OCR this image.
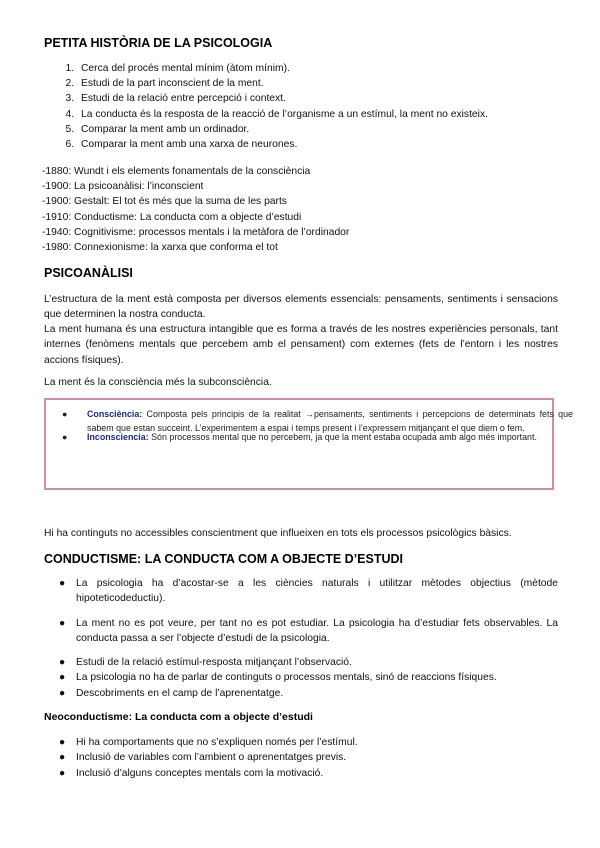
PETITA HISTÒRIA DE LA PSICOLOGIA
1. Cerca del procés mental mínim (àtom mínim).
2. Estudi de la part inconscient de la ment.
3. Estudi de la relació entre percepció i context.
4. La conducta és la resposta de la reacció de l’organisme a un estímul, la ment no existeix.
5. Comparar la ment amb un ordinador.
6. Comparar la ment amb una xarxa de neurones.
-1880: Wundt i els elements fonamentals de la consciència
-1900: La psicoanàlisi: l’inconscient
-1900: Gestalt: El tot és més que la suma de les parts
-1910: Conductisme: La conducta com a objecte d’estudi
-1940: Cognitivisme: processos mentals i la metàfora de l’ordinador
-1980: Connexionisme: la xarxa que conforma el tot
PSICOANÀLISI

L’estructura de la ment està composta per diversos elements essencials: pensaments, sentiments i sensacions que determinen la nostra conducta.

La ment humana és una estructura intangible que es forma a través de les nostres experiències personals, tant internes (fenòmens mentals que percebem amb el pensament) com externes (fets de l’entorn i les nostres accions físiques).

La ment és la consciència més la subconsciència.

● Consciència: Composta pels principis de la realitat →pensaments, sentiments i percepcions de determinats fets que sabem que estan succeint. L’experimentem a espai i temps present i l’expressem mitjançant el que diem o fem.
● Inconsciencia: Són processos mental que no percebem, ja que la ment estaba ocupada amb algo més important.

Hi ha continguts no accessibles conscientment que influeixen en tots els processos psicològics bàsics.

CONDUCTISME: LA CONDUCTA COM A OBJECTE D’ESTUDI
● La psicologia ha d’acostar-se a les ciències naturals i utilitzar mètodes objectius (mètode hipoteticodeductiu).
● La ment no es pot veure, per tant no es pot estudiar. La psicologia ha d’estudiar fets observables. La conducta passa a ser l’objecte d’estudi de la psicologia.
● Estudi de la relació estímul-resposta mitjançant l’observació.
● La psicologia no ha de parlar de continguts o processos mentals, sinó de reaccions físiques.
● Descobriments en el camp de l’aprenentatge.
Neoconductisme: La conducta com a objecte d’estudi
● Hi ha comportaments que no s’expliquen només per l’estímul.
● Inclusió de variables com l’ambient o aprenentatges previs.
● Inclusió d’alguns conceptes mentals com la motivació.
